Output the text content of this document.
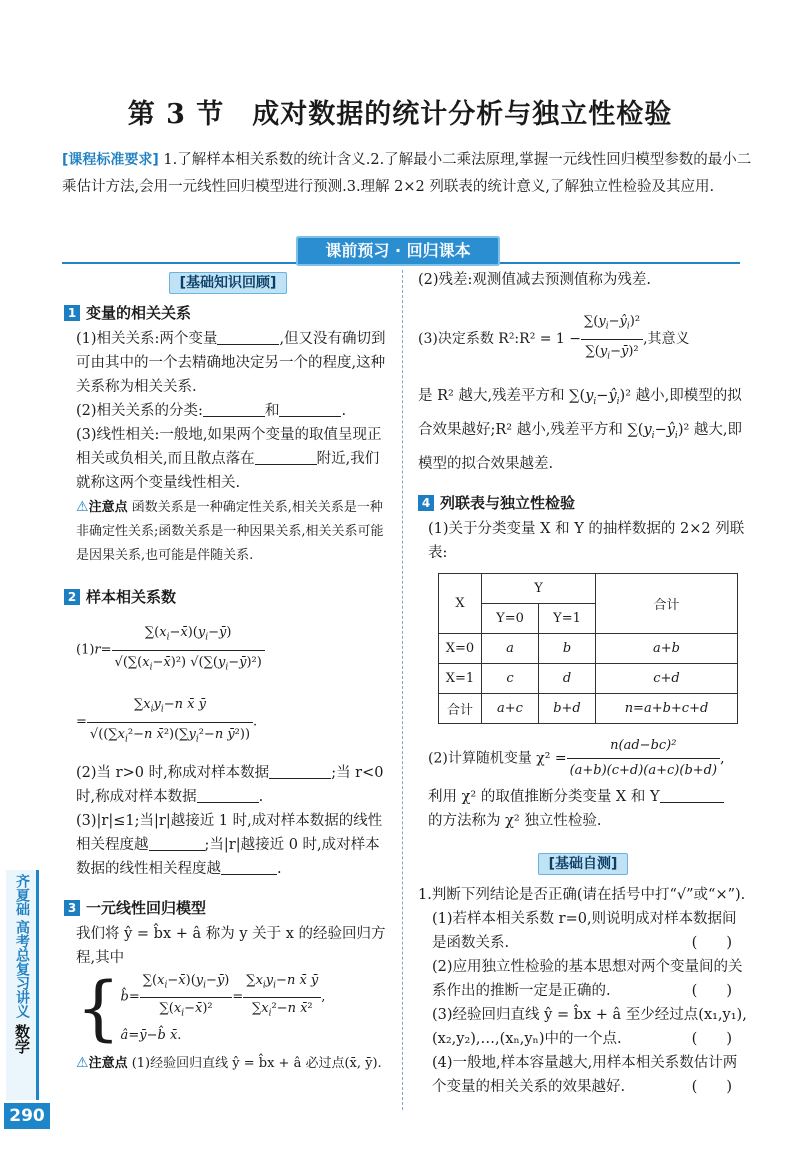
第 3 节　成对数据的统计分析与独立性检验
[课程标准要求] 1.了解样本相关系数的统计含义.2.了解最小二乘法原理,掌握一元线性回归模型参数的最小二乘估计方法,会用一元线性回归模型进行预测.3.理解 2×2 列联表的统计意义,了解独立性检验及其应用.
课前预习 · 回归课本
[基础知识回顾]
1 变量的相关关系
(1)相关关系:两个变量	,但又没有确切到可由其中的一个去精确地决定另一个的程度,这种关系称为相关关系.
(2)相关关系的分类:	和	.
(3)线性相关:一般地,如果两个变量的取值呈现正相关或负相关,而且散点落在	附近,我们就称这两个变量线性相关.
⚠注意点 函数关系是一种确定性关系,相关关系是一种非确定性关系;函数关系是一种因果关系,相关关系可能是因果关系,也可能是伴随关系.
2 样本相关系数
$(1)r= \frac{\sum(x_i-x̄)(y_i-ȳ)}{√(\sum(x_i-x̄)^2) √(\sum(y_i-ȳ)^2)}$
= $\frac{\sum x_iy_i-n x̄ ȳ}{√((\sum x_i^2-n x̄^2)(\sum y_i^2-n ȳ^2))}$ .
(2)当 r>0 时,称成对样本数据	;当 r<0 时,称成对样本数据	.
(3)|r|≤1;当|r|越接近 1 时,成对样本数据的线性相关程度越	;当|r|越接近 0 时,成对样本数据的线性相关程度越	.
3 一元线性回归模型
我们将 ŷ = b̂x + â 称为 y 关于 x 的经验回归方程,其中
{ b̂= $\frac{\sum(x_i-x̄)(y_i-ȳ)}{\sum(x_i-x̄)^2} = \frac{\sum x_iy_i-n x̄ ȳ}{\sum x_i^2-n x̄^2}$ ,
â=ȳ−b̂ x̄.
⚠注意点 (1)经验回归直线 ŷ = b̂x + â 必过点(x̄, ȳ).
(2)残差:观测值减去预测值称为残差.
(3)决定系数 R²:R² = $1 - \frac{\sum(y_i-ŷ_i)^2}{\sum(y_i-ȳ)^2}$ ,其意义
是 R² 越大,残差平方和 $\sum(y_i-ŷ_i)^2$ 越小,即模型的拟合效果越好;R² 越小,残差平方和 $\sum(y_i-ŷ_i)^2$ 越大,即模型的拟合效果越差.
4 列联表与独立性检验
(1)关于分类变量 X 和 Y 的抽样数据的 2×2 列联表:
X	Y		合计
	Y=0	Y=1	
X=0	a	b	a+b
X=1	c	d	c+d
合计	a+c	b+d	n=a+b+c+d
(2)计算随机变量 $\chi^2 = \frac{\text{n(ad−bc)²}}{(a+b)(c+d)(a+c)(b+d)}$ ,
利用 χ² 的取值推断分类变量 X 和 Y
的方法称为 χ² 独立性检验.
[基础自测]
1.判断下列结论是否正确(请在括号中打“√”或“×”).
(1)若样本相关系数 r=0,则说明成对样本数据间是函数关系.	(　　)
(2)应用独立性检验的基本思想对两个变量间的关系作出的推断一定是正确的.	(　　)
(3)经验回归直线 ŷ = b̂x + â 至少经过点(x₁,y₁),(x₂,y₂),…,(xₙ,yₙ)中的一个点.	(　　)
(4)一般地,样本容量越大,用样本相关系数估计两个变量的相关关系的效果越好.	(　　)
齐夏础
高考总复习讲义
数学
290
